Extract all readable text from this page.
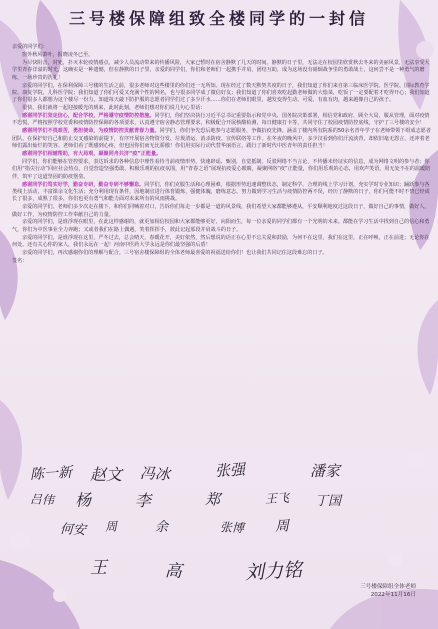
三号楼保障组致全楼同学的一封信

亲爱的同学们：

窗外秋风萧叶，报晓凌冬已至。

为尽快阻击，封死，扑灭本轮疫情感点，减少人员流动带来的传播风险，大家已暂时在宿舍静默了几天的时间。静默的日子里，无法走在校园里欣赏秋去冬来的美丽风景，无法享受大学里青春洋溢的时光，这确实是一种遗憾，但在静默的日子里，亲爱的同学们，你们和老师们一起携手并肩，团结互助，成为这场没有硝烟战争里的勇敢战士，这何尝不是一种勇气的磨练，一场珍贵的洗礼！

亲爱的同学们，在保利保障三号楼的生活之前，很多老师对这些楼里的你们还一无所知。现在经过了数天默契共度的日子，我们知道了你们来自第三临床医学院、医学院、国际教育学院、康复学院、儿科医学院；我们知道了你们可爱又充满个性的网名，也与很多同学成了微信好友；我们知道了你们喜欢吃起勤老师做的大烩菜，吃饭了一定要配着才吃得开心；我们知道了你们很多人都想为这个楼尽一份力，知道每天敲下防护服的志愿者同学们过了多少汗水……你们在老师们眼里，越发变得生动、可爱、有血有肉，越来越像自己的孩子。

很快，我们就将一起迎接暖光的到来，此时此刻，老师们想对你们说几句心里话：

感谢同学们坚定信心，配合学校，严格遵守疫情防控措施。同学们，你们坚决执行习近平总书记重要指示和党中央、国务院决策部署，相信党和政府，顾全大局，服从管理，面对疫情不恐慌，严格按照学校党委和疫情防控保障的各项要求，认真遵守宿舍静态管理要求，积极配合开展核酸检测，每日健康打卡等，共同守住了校园疫情防控底线，守护了三号楼的安全！

感谢同学们不畏艰苦，勇担使命，为疫情防控贡献青春力量。同学们，你们争先恐后地参与志愿服务，争做抗疫先锋。涵盖了楼内所有院系的50余名青年学子在老师带领下组成志愿者团队，在保护好自己和防止交叉感染的前提下，有序开展宿舍物资分发、垃圾清运、消杀防疫、宣传联络等工作。在冬夜的晚风中，多少汉看到你们汗流浃背，却依旧毫无怨言，还冲着老师们露出灿烂的笑容。老师们看了既感到心疼，但也因你们而无比骄傲！你们用实际行动代替华丽语言，践行了新时代中医青年的责任担当！

感谢同学们相辅帮助，有大局观，凝聚同舟共济“疫”正能量。

同学们，你们能够在管控要求，表达诉求的各种信息中理性看待当前疫情形势，快速辟谣、甄别，自觉抵制，反驳网络不当言论，不传播未经证实的信息，成为网络文明的参与者；你们用“指尖行动”回应社会热点，自觉营造坚强勇敢、积极乐观的抗疫氛围，用“青春之语”展现抗疫爱心眼睛，凝聚网络“疫”正能量，你们用乐观的心态，用欢声笑语，用无处不在的温暖陪伴，筑牢了这道坚固的防疫堡垒。

感谢同学们笃实好学，勤奋专研，勤奋专研不够懈怠。同学们，你们克服生活和心理困难，根据形势迅速调整状态，制定科学、合理的线上学习计划，充实学时专业知识；踊跃参与各类线上活动，丰富课余文化生活；充分利用现有条件，因地制宜进行体育锻炼，强健体魄，磨练意志。努力做到学习生活与疫情防控两不误，经历了静默的日子，你们可能不时不禁已经成长了很多，成熟了很多，你们也更有勇气和能力面对未来所有的风雨挑战。

亲爱的同学们，老师们多少次走在楼下，和你们同喊着对口，告诉你们每走一步都是一道的风景线，我们希望大家都能够遵从，平安顺利地度过这段日子，做好自己的事情，做好人，做好工作，为疫情防控工作奉献自己的力量。

亲爱的同学们，是谁浮现在眼里，在此这样感谢的，就更加相信校园和大家都能够更好，向阳而生，每一位亲爱的同学们都有一个光明的未来。都能在学习生活中找到自己的信心和勇气，你们为中医事业全力奔跑；又或者我们在路上偶遇，笑着挥挥手，彼此记起那段并肩战斗的日子。

亲爱的同学们，是谁浮现在这里，严冬过去，总会晴天，春暖花开，美好依然，然后想说的话正在心里不忘关爱和鼓励，为何不在这里，我们在这里，正在呼唤，正在前进；无论你在何处。还有关心你的家人，我们永远在一起！河南中医药大学永远是你们最坚强的后盾！

亲爱的同学们，再次感谢你们的理解与配合。三号宿舍楼保障组的全体老师最喜爱的祝福送给你们！也让我们共同记住这段难忘的日子。

签名：

陈一新 赵文 冯冰	张强	潘家
吕伟 杨	李	郑	王飞 丁国
何安 周	余	张博 周
王	高	刘力铭
三号楼保障组全体老师
2022年11月16日
